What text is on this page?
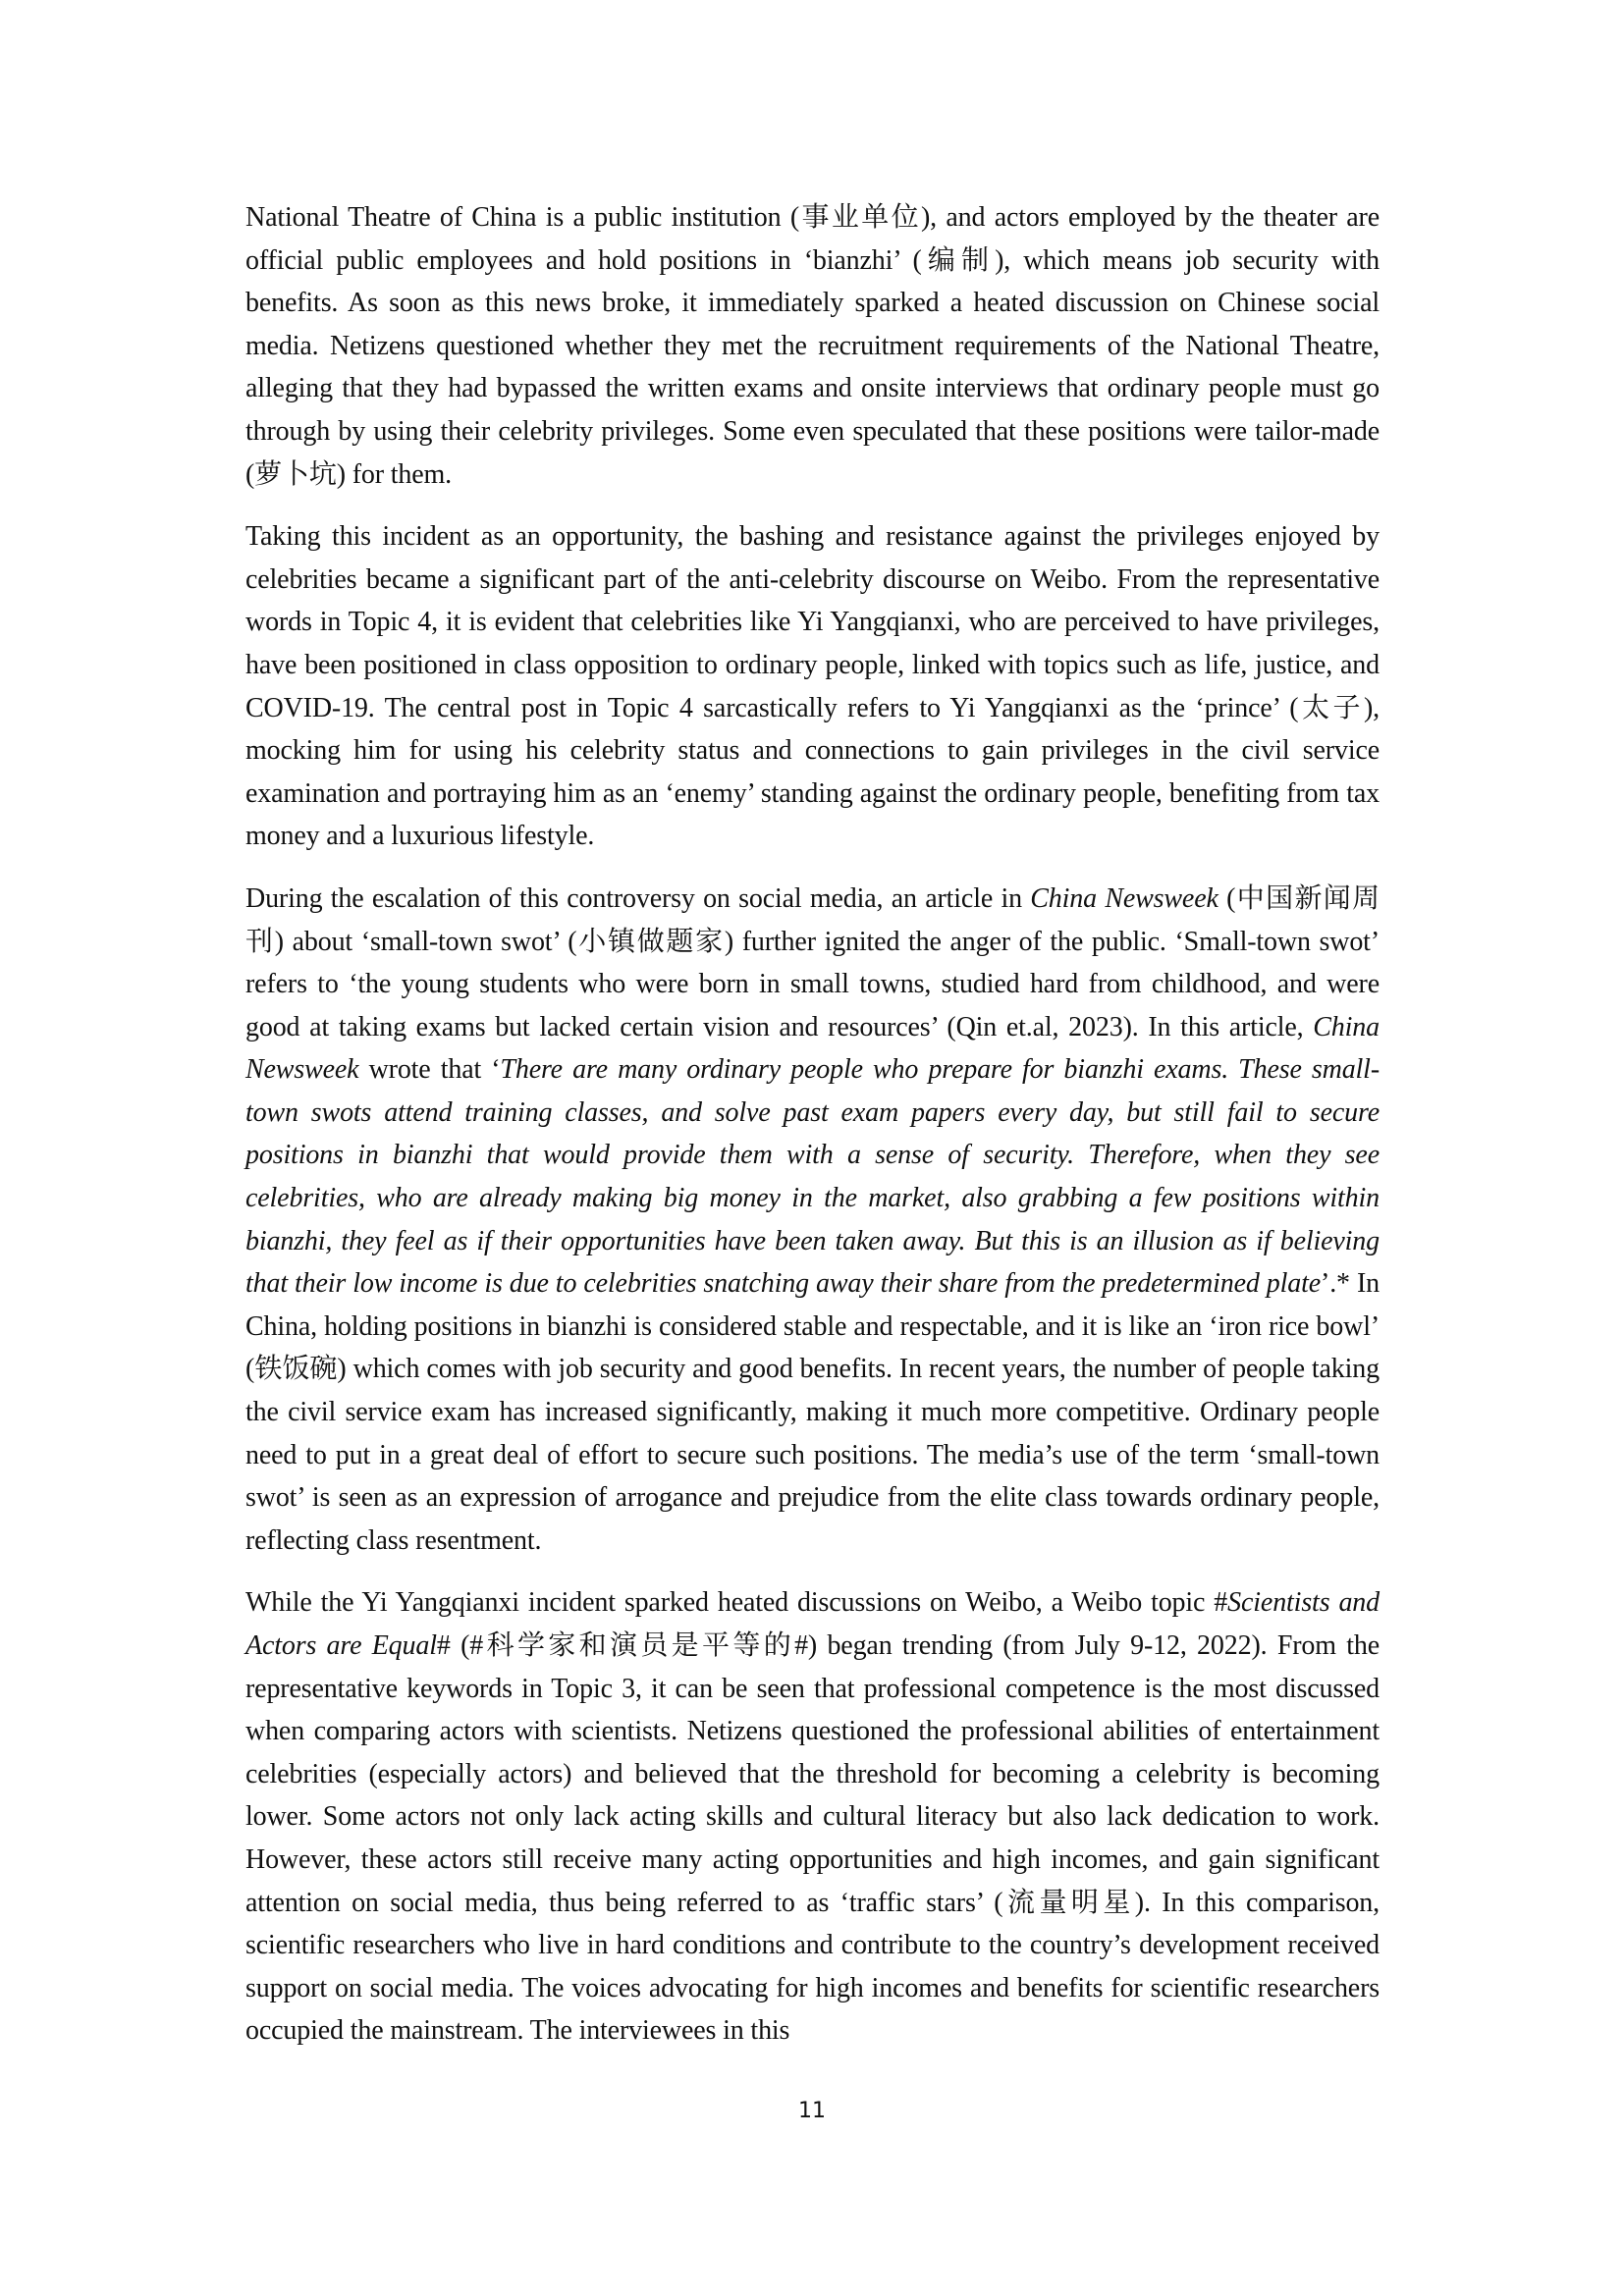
National Theatre of China is a public institution (事业单位), and actors employed by the theater are official public employees and hold positions in ‘bianzhi’ (编制), which means job security with benefits. As soon as this news broke, it immediately sparked a heated discussion on Chinese social media. Netizens questioned whether they met the recruitment requirements of the National Theatre, alleging that they had bypassed the written exams and onsite interviews that ordinary people must go through by using their celebrity privileges. Some even speculated that these positions were tailor-made (萝卜坑) for them.

Taking this incident as an opportunity, the bashing and resistance against the privileges enjoyed by celebrities became a significant part of the anti-celebrity discourse on Weibo. From the representative words in Topic 4, it is evident that celebrities like Yi Yangqianxi, who are perceived to have privileges, have been positioned in class opposition to ordinary people, linked with topics such as life, justice, and COVID-19. The central post in Topic 4 sarcastically refers to Yi Yangqianxi as the ‘prince’ (太子), mocking him for using his celebrity status and connections to gain privileges in the civil service examination and portraying him as an ‘enemy’ standing against the ordinary people, benefiting from tax money and a luxurious lifestyle.

During the escalation of this controversy on social media, an article in China Newsweek (中国新闻周刊) about ‘small-town swot’ (小镇做题家) further ignited the anger of the public. ‘Small-town swot’ refers to ‘the young students who were born in small towns, studied hard from childhood, and were good at taking exams but lacked certain vision and resources’ (Qin et.al, 2023). In this article, China Newsweek wrote that ‘There are many ordinary people who prepare for bianzhi exams. These small-town swots attend training classes, and solve past exam papers every day, but still fail to secure positions in bianzhi that would provide them with a sense of security. Therefore, when they see celebrities, who are already making big money in the market, also grabbing a few positions within bianzhi, they feel as if their opportunities have been taken away. But this is an illusion as if believing that their low income is due to celebrities snatching away their share from the predetermined plate’.* In China, holding positions in bianzhi is considered stable and respectable, and it is like an ‘iron rice bowl’ (铁饭碗) which comes with job security and good benefits. In recent years, the number of people taking the civil service exam has increased significantly, making it much more competitive. Ordinary people need to put in a great deal of effort to secure such positions. The media’s use of the term ‘small-town swot’ is seen as an expression of arrogance and prejudice from the elite class towards ordinary people, reflecting class resentment.

While the Yi Yangqianxi incident sparked heated discussions on Weibo, a Weibo topic #Scientists and Actors are Equal# (#科学家和演员是平等的#) began trending (from July 9-12, 2022). From the representative keywords in Topic 3, it can be seen that professional competence is the most discussed when comparing actors with scientists. Netizens questioned the professional abilities of entertainment celebrities (especially actors) and believed that the threshold for becoming a celebrity is becoming lower. Some actors not only lack acting skills and cultural literacy but also lack dedication to work. However, these actors still receive many acting opportunities and high incomes, and gain significant attention on social media, thus being referred to as ‘traffic stars’ (流量明星). In this comparison, scientific researchers who live in hard conditions and contribute to the country’s development received support on social media. The voices advocating for high incomes and benefits for scientific researchers occupied the mainstream. The interviewees in this

11
